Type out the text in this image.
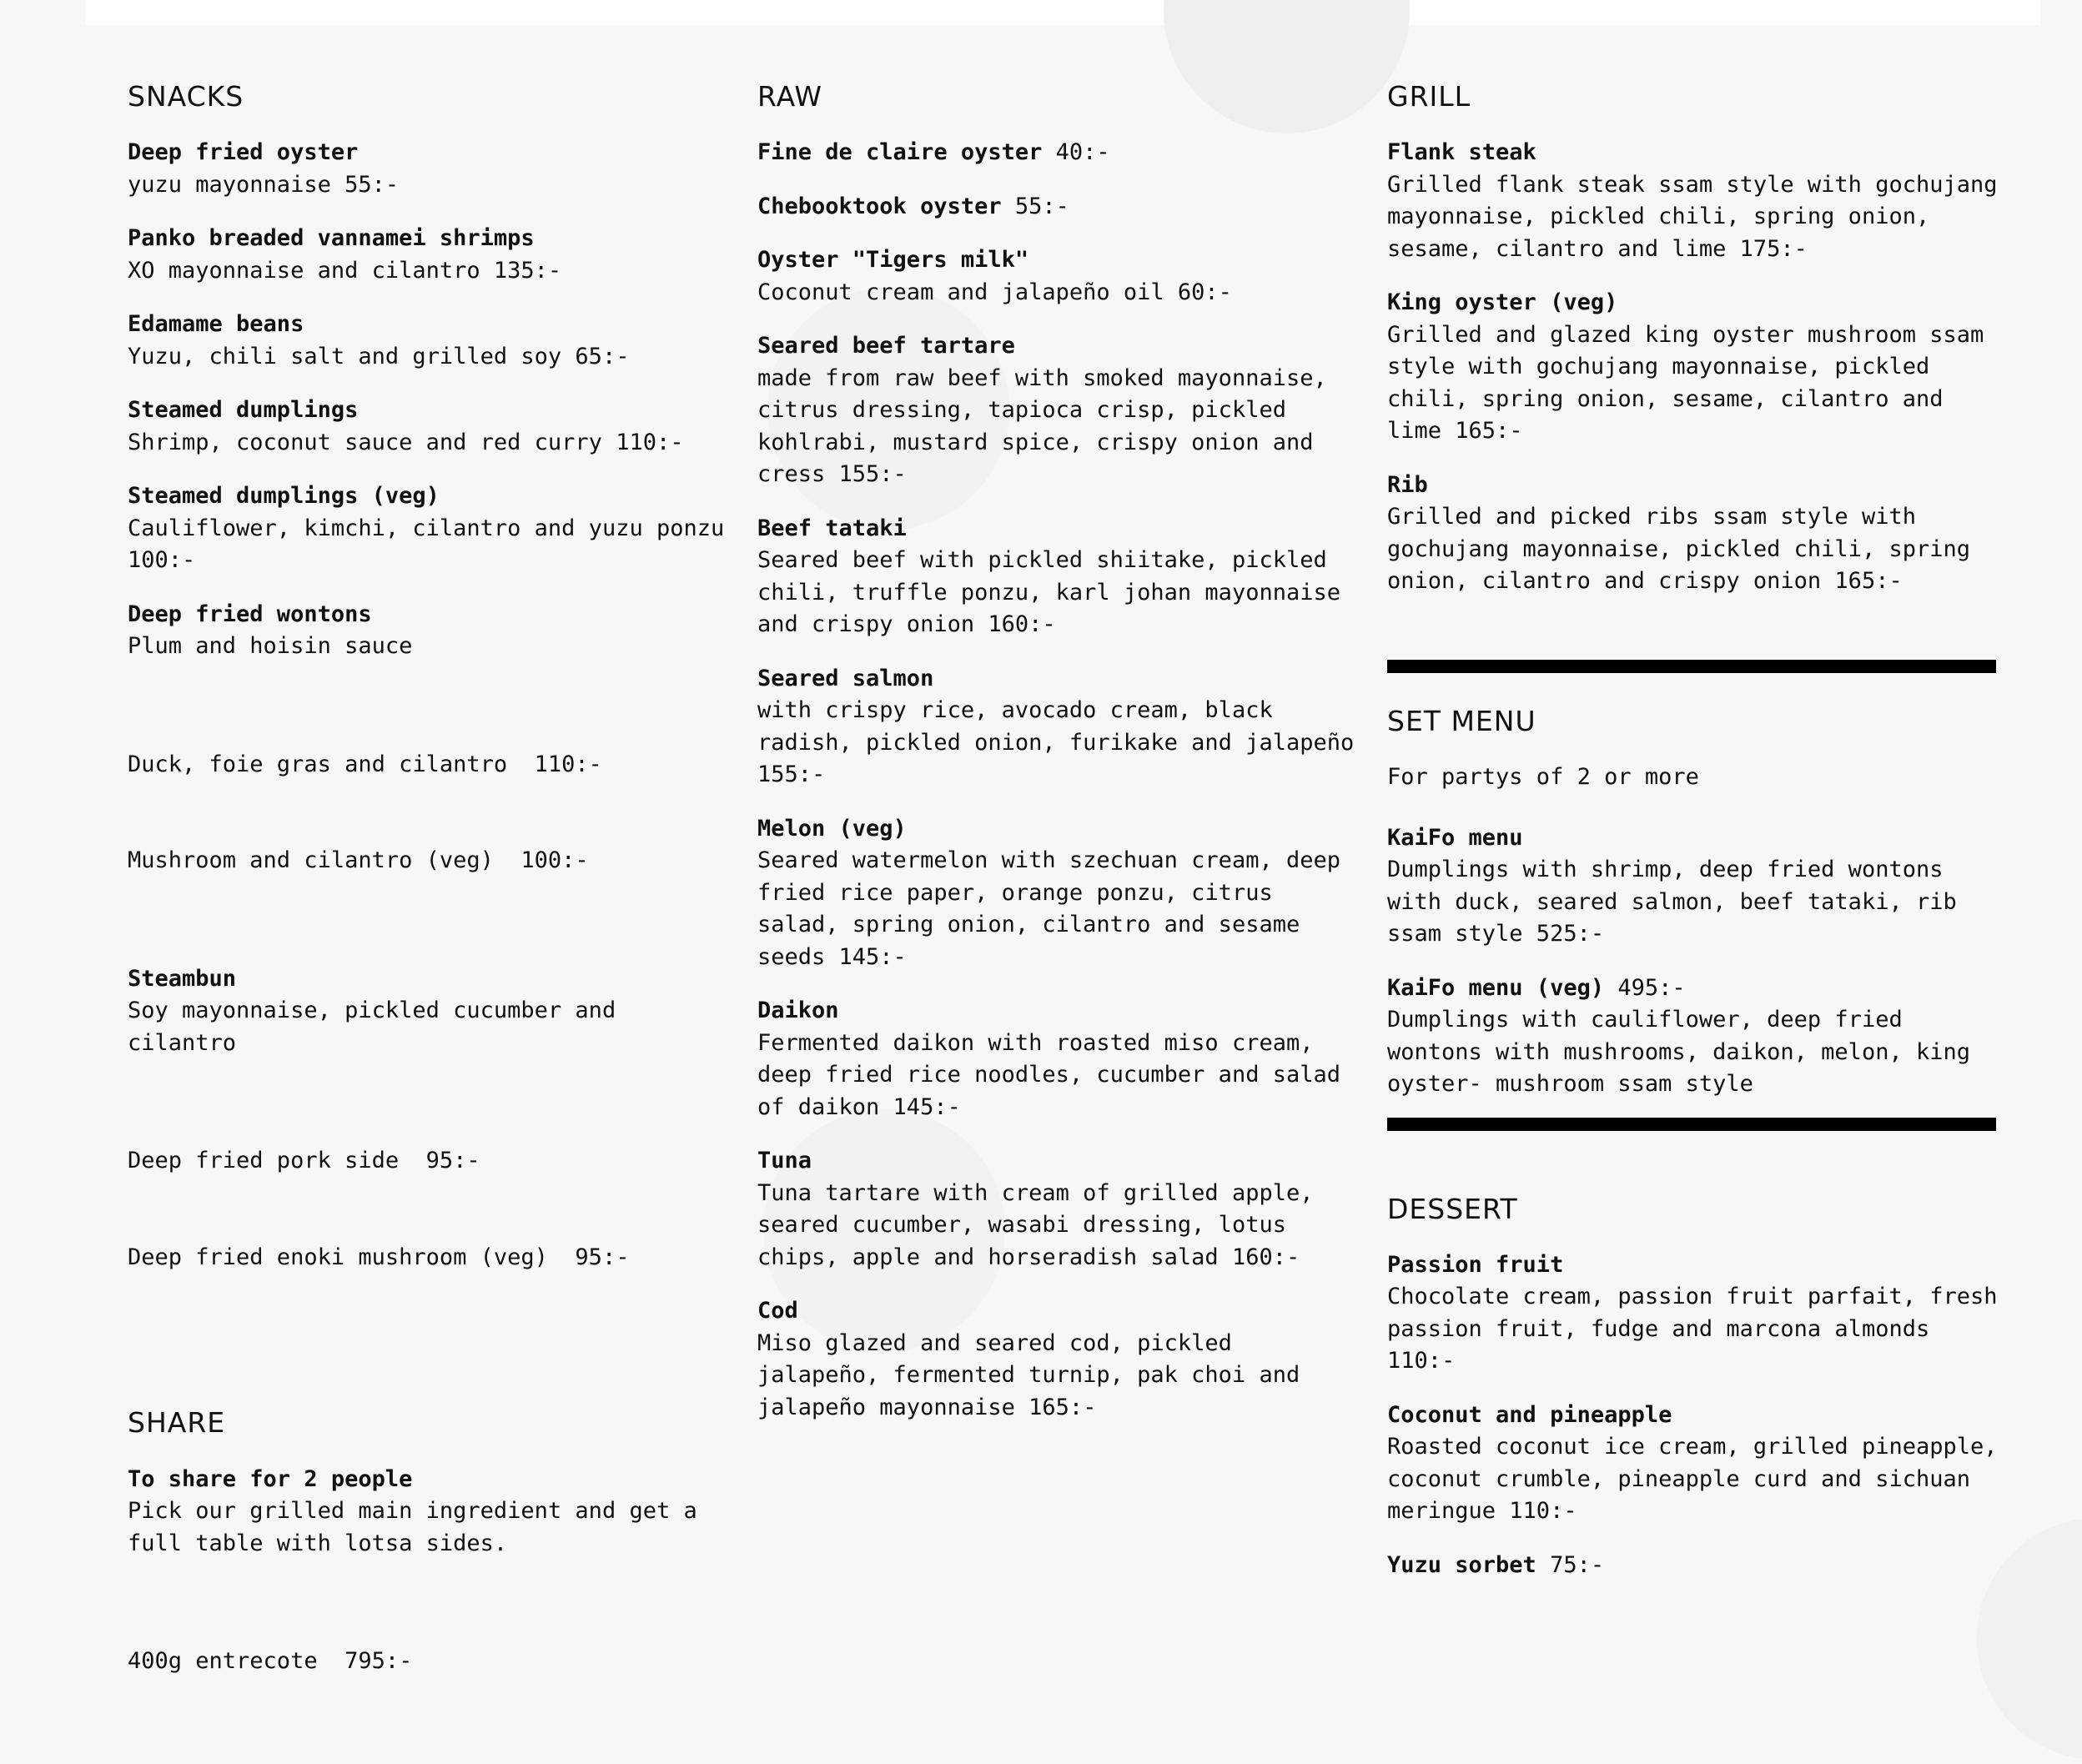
SNACKS
Deep fried oyster
yuzu mayonnaise 55:-
Panko breaded vannamei shrimps
XO mayonnaise and cilantro 135:-
Edamame beans
Yuzu, chili salt and grilled soy 65:-
Steamed dumplings
Shrimp, coconut sauce and red curry 110:-
Steamed dumplings (veg)
Cauliflower, kimchi, cilantro and yuzu ponzu 100:-
Deep fried wontons
Plum and hoisin sauce

Duck, foie gras and cilantro  110:-

Mushroom and cilantro (veg)  100:-

Steambun
Soy mayonnaise, pickled cucumber and cilantro

Deep fried pork side  95:-

Deep fried enoki mushroom (veg)  95:-

SHARE
To share for 2 people
Pick our grilled main ingredient and get a full table with lotsa sides.

400g entrecote  795:-

RAW
Fine de claire oyster 40:-
Chebooktook oyster 55:-
Oyster "Tigers milk"
Coconut cream and jalapeño oil 60:-
Seared beef tartare
made from raw beef with smoked mayonnaise, citrus dressing, tapioca crisp, pickled kohlrabi, mustard spice, crispy onion and cress 155:-
Beef tataki
Seared beef with pickled shiitake, pickled chili, truffle ponzu, karl johan mayonnaise and crispy onion 160:-
Seared salmon
with crispy rice, avocado cream, black radish, pickled onion, furikake and jalapeño 155:-
Melon (veg)
Seared watermelon with szechuan cream, deep fried rice paper, orange ponzu, citrus salad, spring onion, cilantro and sesame seeds 145:-
Daikon
Fermented daikon with roasted miso cream, deep fried rice noodles, cucumber and salad of daikon 145:-
Tuna
Tuna tartare with cream of grilled apple, seared cucumber, wasabi dressing, lotus chips, apple and horseradish salad 160:-
Cod
Miso glazed and seared cod, pickled jalapeño, fermented turnip, pak choi and jalapeño mayonnaise 165:-
GRILL
Flank steak
Grilled flank steak ssam style with gochujang mayonnaise, pickled chili, spring onion, sesame, cilantro and lime 175:-
King oyster (veg)
Grilled and glazed king oyster mushroom ssam style with gochujang mayonnaise, pickled chili, spring onion, sesame, cilantro and lime 165:-
Rib
Grilled and picked ribs ssam style with gochujang mayonnaise, pickled chili, spring onion, cilantro and crispy onion 165:-
SET MENU
For partys of 2 or more
KaiFo menu
Dumplings with shrimp, deep fried wontons with duck, seared salmon, beef tataki, rib ssam style 525:-
KaiFo menu (veg) 495:-
Dumplings with cauliflower, deep fried wontons with mushrooms, daikon, melon, king oyster- mushroom ssam style
DESSERT
Passion fruit
Chocolate cream, passion fruit parfait, fresh passion fruit, fudge and marcona almonds 110:-
Coconut and pineapple
Roasted coconut ice cream, grilled pineapple, coconut crumble, pineapple curd and sichuan meringue 110:-
Yuzu sorbet 75:-
